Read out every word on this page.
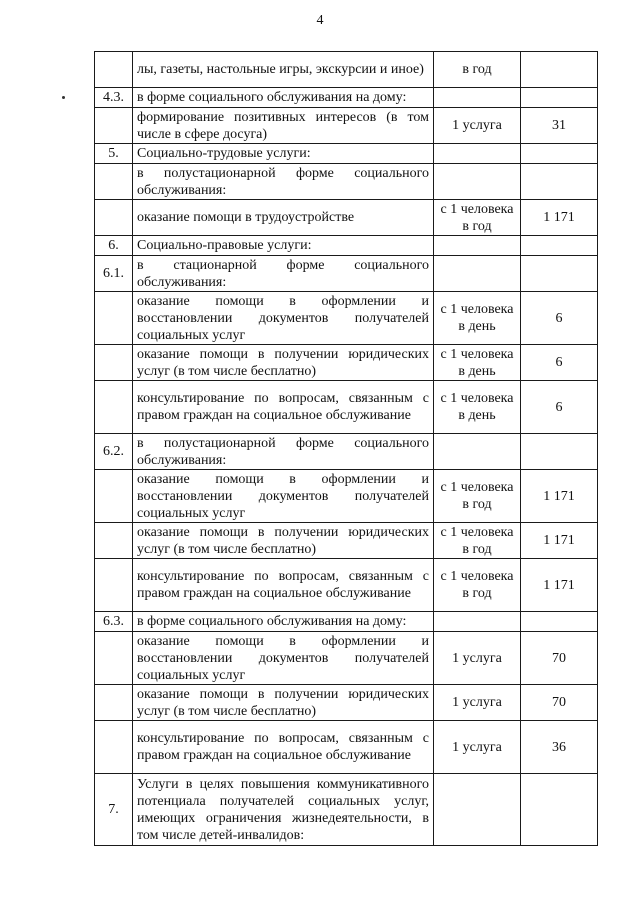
4
	лы, газеты, настольные игры, экскурсии и иное)	в год	
4.3.	в форме социального обслуживания на дому:		
	формирование позитивных интересов (в том числе в сфере досуга)	1 услуга	31
5.	Социально-трудовые услуги:		
	в полустационарной форме социального обслуживания:		
	оказание помощи в трудоустройстве	с 1 человека в год	1 171
6.	Социально-правовые услуги:		
6.1.	в стационарной форме социального обслуживания:		
	оказание помощи в оформлении и восстановлении документов получателей социальных услуг	с 1 человека в день	6
	оказание помощи в получении юридических услуг (в том числе бесплатно)	с 1 человека в день	6
	консультирование по вопросам, связанным с правом граждан на социальное обслуживание	с 1 человека в день	6
6.2.	в полустационарной форме социального обслуживания:		
	оказание помощи в оформлении и восстановлении документов получателей социальных услуг	с 1 человека в год	1 171
	оказание помощи в получении юридических услуг (в том числе бесплатно)	с 1 человека в год	1 171
	консультирование по вопросам, связанным с правом граждан на социальное обслуживание	с 1 человека в год	1 171
6.3.	в форме социального обслуживания на дому:		
	оказание помощи в оформлении и восстановлении документов получателей социальных услуг	1 услуга	70
	оказание помощи в получении юридических услуг (в том числе бесплатно)	1 услуга	70
	консультирование по вопросам, связанным с правом граждан на социальное обслуживание	1 услуга	36
7.	Услуги в целях повышения коммуникативного потенциала получателей социальных услуг, имеющих ограничения жизнедеятельности, в том числе детей-инвалидов:		
